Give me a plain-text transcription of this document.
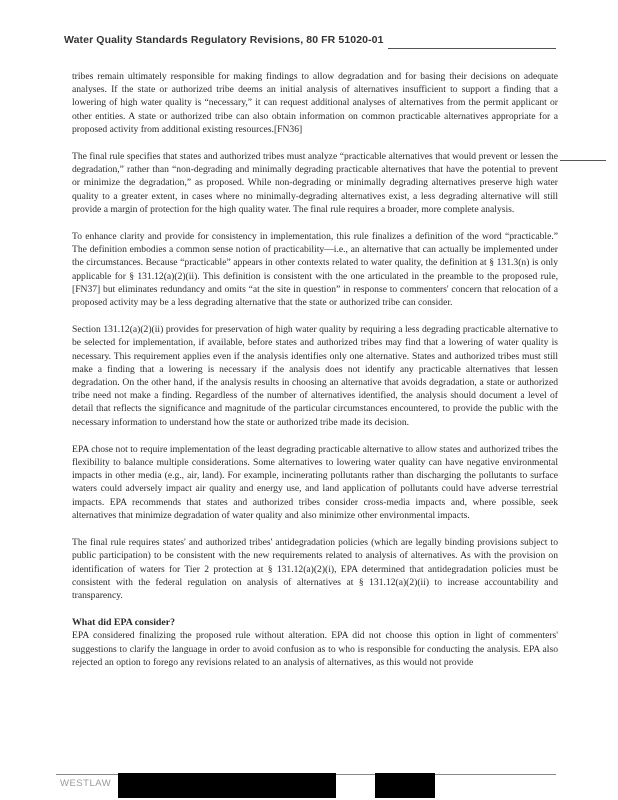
Water Quality Standards Regulatory Revisions, 80 FR 51020-01

tribes remain ultimately responsible for making findings to allow degradation and for basing their decisions on adequate analyses. If the state or authorized tribe deems an initial analysis of alternatives insufficient to support a finding that a lowering of high water quality is “necessary,” it can request additional analyses of alternatives from the permit applicant or other entities. A state or authorized tribe can also obtain information on common practicable alternatives appropriate for a proposed activity from additional existing resources.[FN36]

The final rule specifies that states and authorized tribes must analyze “practicable alternatives that would prevent or lessen the degradation,” rather than “non-degrading and minimally degrading practicable alternatives that have the potential to prevent or minimize the degradation,” as proposed. While non-degrading or minimally degrading alternatives preserve high water quality to a greater extent, in cases where no minimally-degrading alternatives exist, a less degrading alternative will still provide a margin of protection for the high quality water. The final rule requires a broader, more complete analysis.

To enhance clarity and provide for consistency in implementation, this rule finalizes a definition of the word “practicable.” The definition embodies a common sense notion of practicability—i.e., an alternative that can actually be implemented under the circumstances. Because “practicable” appears in other contexts related to water quality, the definition at § 131.3(n) is only applicable for § 131.12(a)(2)(ii). This definition is consistent with the one articulated in the preamble to the proposed rule,[FN37] but eliminates redundancy and omits “at the site in question” in response to commenters' concern that relocation of a proposed activity may be a less degrading alternative that the state or authorized tribe can consider.

Section 131.12(a)(2)(ii) provides for preservation of high water quality by requiring a less degrading practicable alternative to be selected for implementation, if available, before states and authorized tribes may find that a lowering of water quality is necessary. This requirement applies even if the analysis identifies only one alternative. States and authorized tribes must still make a finding that a lowering is necessary if the analysis does not identify any practicable alternatives that lessen degradation. On the other hand, if the analysis results in choosing an alternative that avoids degradation, a state or authorized tribe need not make a finding. Regardless of the number of alternatives identified, the analysis should document a level of detail that reflects the significance and magnitude of the particular circumstances encountered, to provide the public with the necessary information to understand how the state or authorized tribe made its decision.

EPA chose not to require implementation of the least degrading practicable alternative to allow states and authorized tribes the flexibility to balance multiple considerations. Some alternatives to lowering water quality can have negative environmental impacts in other media (e.g., air, land). For example, incinerating pollutants rather than discharging the pollutants to surface waters could adversely impact air quality and energy use, and land application of pollutants could have adverse terrestrial impacts. EPA recommends that states and authorized tribes consider cross-media impacts and, where possible, seek alternatives that minimize degradation of water quality and also minimize other environmental impacts.

The final rule requires states' and authorized tribes' antidegradation policies (which are legally binding provisions subject to public participation) to be consistent with the new requirements related to analysis of alternatives. As with the provision on identification of waters for Tier 2 protection at § 131.12(a)(2)(i), EPA determined that antidegradation policies must be consistent with the federal regulation on analysis of alternatives at § 131.12(a)(2)(ii) to increase accountability and transparency.

What did EPA consider?

EPA considered finalizing the proposed rule without alteration. EPA did not choose this option in light of commenters' suggestions to clarify the language in order to avoid confusion as to who is responsible for conducting the analysis. EPA also rejected an option to forego any revisions related to an analysis of alternatives, as this would not provide

WESTLAW
